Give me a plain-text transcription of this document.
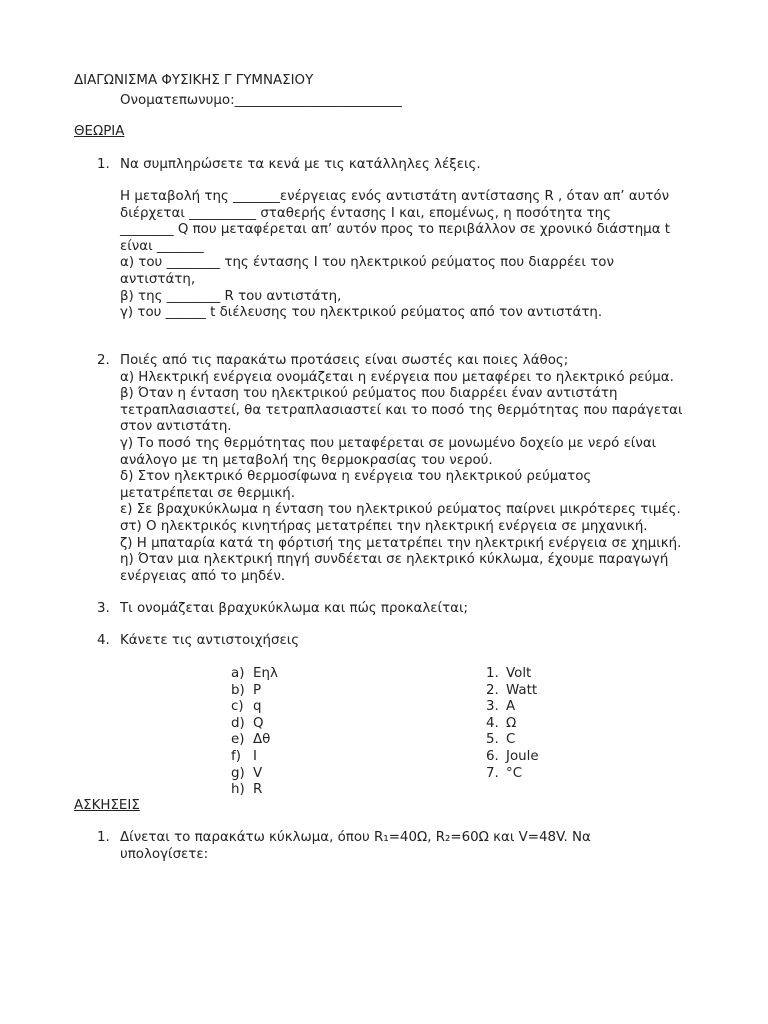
ΔΙΑΓΩΝΙΣΜΑ ΦΥΣΙΚΗΣ Γ ΓΥΜΝΑΣΙΟΥ
Ονοματεπωνυμο:_________________________
ΘΕΩΡΙΑ
1. Να συμπληρώσετε τα κενά με τις κατάλληλες λέξεις.
Η μεταβολή της _______ενέργειας ενός αντιστάτη αντίστασης R , όταν απ’ αυτόν
διέρχεται __________ σταθερής έντασης Ι και, επομένως, η ποσότητα της
________ Q που μεταφέρεται απ’ αυτόν προς το περιβάλλον σε χρονικό διάστημα t
είναι _______
α) του ________ της έντασης Ι του ηλεκτρικού ρεύματος που διαρρέει τον
αντιστάτη,
β) της ________ R του αντιστάτη,
γ) του ______ t διέλευσης του ηλεκτρικού ρεύματος από τον αντιστάτη.
2. Ποιές από τις παρακάτω προτάσεις είναι σωστές και ποιες λάθος;
α) Ηλεκτρική ενέργεια ονομάζεται η ενέργεια που μεταφέρει το ηλεκτρικό ρεύμα.
β) Όταν η ένταση του ηλεκτρικού ρεύματος που διαρρέει έναν αντιστάτη
τετραπλασιαστεί, θα τετραπλασιαστεί και το ποσό της θερμότητας που παράγεται
στον αντιστάτη.
γ) Το ποσό της θερμότητας που μεταφέρεται σε μονωμένο δοχείο με νερό είναι
ανάλογο με τη μεταβολή της θερμοκρασίας του νερού.
δ) Στον ηλεκτρικό θερμοσίφωνα η ενέργεια του ηλεκτρικού ρεύματος
μετατρέπεται σε θερμική.
ε) Σε βραχυκύκλωμα η ένταση του ηλεκτρικού ρεύματος παίρνει μικρότερες τιμές.
στ) Ο ηλεκτρικός κινητήρας μετατρέπει την ηλεκτρική ενέργεια σε μηχανική.
ζ) Η μπαταρία κατά τη φόρτισή της μετατρέπει την ηλεκτρική ενέργεια σε χημική.
η) Όταν μια ηλεκτρική πηγή συνδέεται σε ηλεκτρικό κύκλωμα, έχουμε παραγωγή
ενέργειας από το μηδέν.
3. Τι ονομάζεται βραχυκύκλωμα και πώς προκαλείται;
4. Κάνετε τις αντιστοιχήσεις
a) Εηλ
b) P
c) q
d) Q
e) Δθ
f) I
g) V
h) R
1. Volt
2. Watt
3. A
4. Ω
5. C
6. Joule
7. °C
ΑΣΚΗΣΕΙΣ
1. Δίνεται το παρακάτω κύκλωμα, όπου R₁=40Ω, R₂=60Ω και V=48V. Να
υπολογίσετε:
